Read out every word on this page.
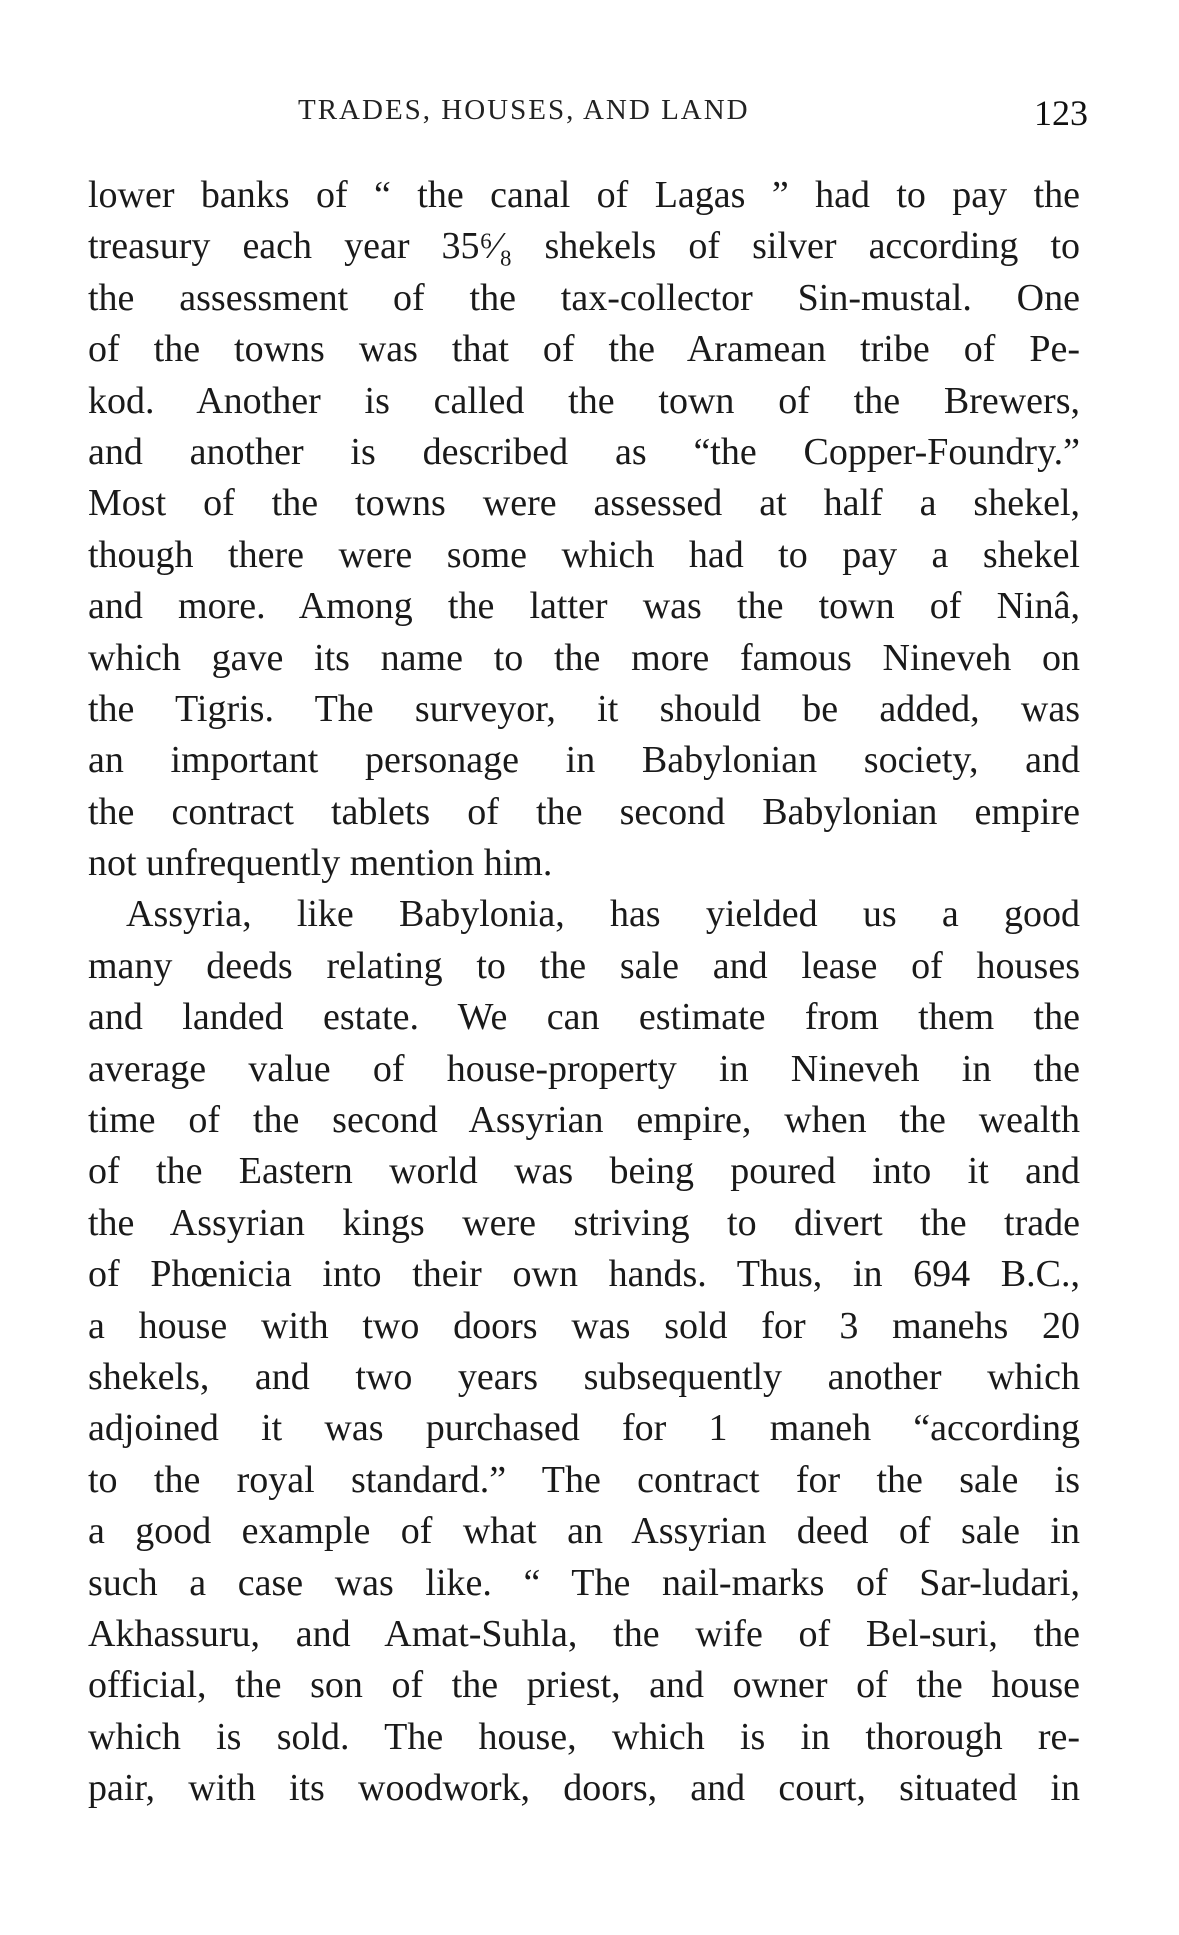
TRADES, HOUSES, AND LAND	123
lower banks of “ the canal of Lagas ” had to pay the
treasury each year 35⁶⁄₈ shekels of silver according to
the assessment of the tax-collector Sin-mustal. One
of the towns was that of the Aramean tribe of Pe-
kod. Another is called the town of the Brewers,
and another is described as “the Copper-Foundry.”
Most of the towns were assessed at half a shekel,
though there were some which had to pay a shekel
and more. Among the latter was the town of Ninâ,
which gave its name to the more famous Nineveh on
the Tigris. The surveyor, it should be added, was
an important personage in Babylonian society, and
the contract tablets of the second Babylonian empire
not unfrequently mention him.
Assyria, like Babylonia, has yielded us a good
many deeds relating to the sale and lease of houses
and landed estate. We can estimate from them the
average value of house-property in Nineveh in the
time of the second Assyrian empire, when the wealth
of the Eastern world was being poured into it and
the Assyrian kings were striving to divert the trade
of Phœnicia into their own hands. Thus, in 694 B.C.,
a house with two doors was sold for 3 manehs 20
shekels, and two years subsequently another which
adjoined it was purchased for 1 maneh “according
to the royal standard.” The contract for the sale is
a good example of what an Assyrian deed of sale in
such a case was like. “ The nail-marks of Sar-ludari,
Akhassuru, and Amat-Suhla, the wife of Bel-suri, the
official, the son of the priest, and owner of the house
which is sold. The house, which is in thorough re-
pair, with its woodwork, doors, and court, situated in
